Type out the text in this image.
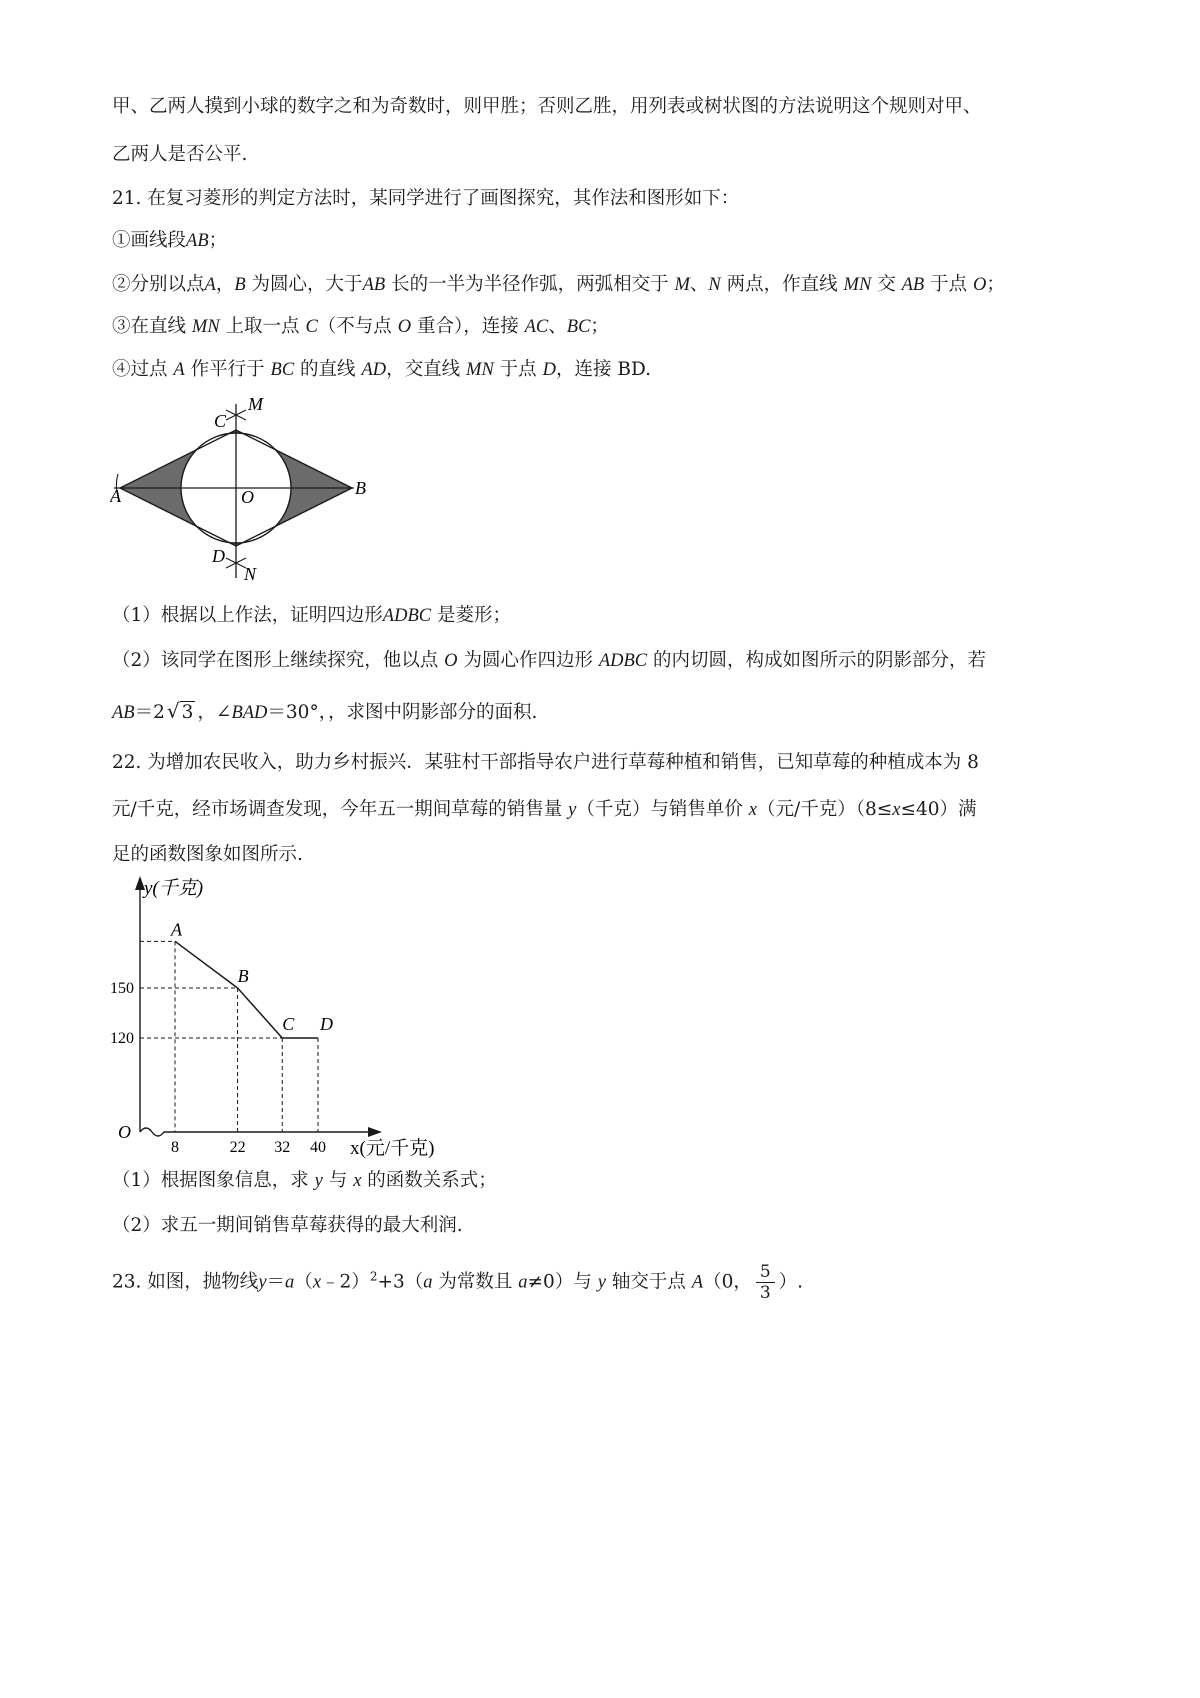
甲、乙两人摸到小球的数字之和为奇数时，则甲胜；否则乙胜，用列表或树状图的方法说明这个规则对甲、
乙两人是否公平.
21. 在复习菱形的判定方法时，某同学进行了画图探究，其作法和图形如下：
①画线段AB；
②分别以点A，B 为圆心，大于AB 长的一半为半径作弧，两弧相交于 M、N 两点，作直线 MN 交 AB 于点 O；
③在直线 MN 上取一点 C（不与点 O 重合），连接 AC、BC；
④过点 A 作平行于 BC 的直线 AD，交直线 MN 于点 D，连接 BD.
C
M
A	O	B
D
N
（1）根据以上作法，证明四边形ADBC 是菱形；
（2）该同学在图形上继续探究，他以点 O 为圆心作四边形 ADBC 的内切圆，构成如图所示的阴影部分，若
AB＝2 √ 3 ，∠BAD＝30°，，求图中阴影部分的面积.
22. 为增加农民收入，助力乡村振兴．某驻村干部指导农户进行草莓种植和销售，已知草莓的种植成本为 8
元/千克，经市场调查发现，今年五一期间草莓的销售量 y（千克）与销售单价 x（元/千克）（8≤x≤40）满
足的函数图象如图所示.
y(千克)
x(元/千克)
O
A
B
C D
8	22 32 40
150
120
（1）根据图象信息，求 y 与 x 的函数关系式；
（2）求五一期间销售草莓获得的最大利润.
23. 如图，抛物线y＝a（x﹣2）$^2$+3（a 为常数且 a≠0）与 y 轴交于点 A（0， $\frac{5}{3}$ ）.
